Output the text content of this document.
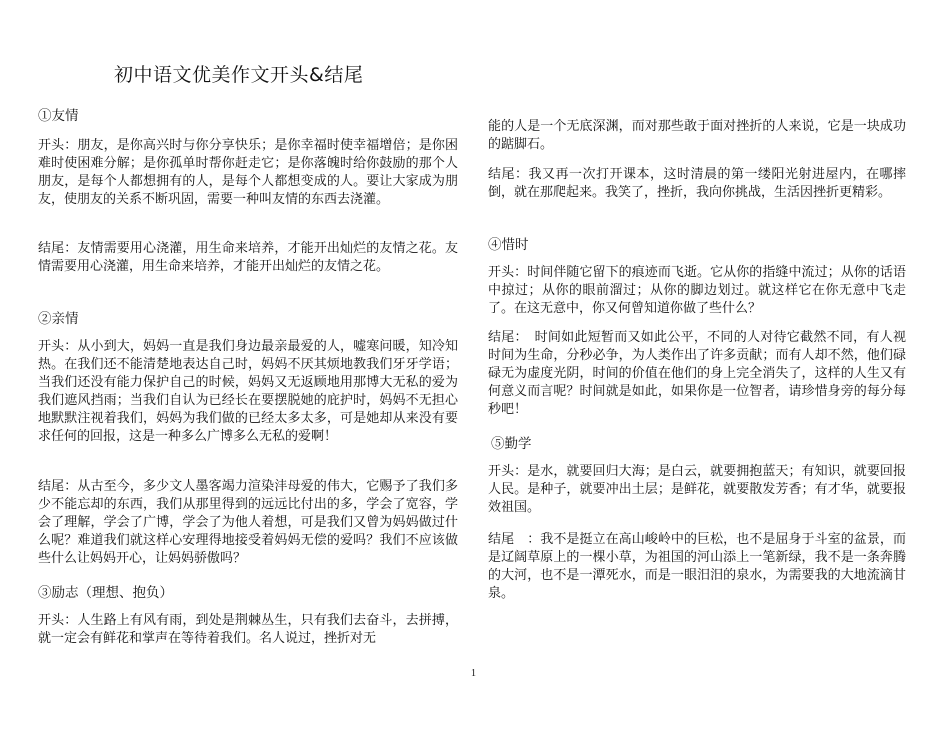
初中语文优美作文开头&结尾
①友情
开头：朋友，是你高兴时与你分享快乐；是你幸福时使幸福增倍；是你困难时使困难分解；是你孤单时帮你赶走它；是你落魄时给你鼓励的那个人　朋友，是每个人都想拥有的人，是每个人都想变成的人。要让大家成为朋友，使朋友的关系不断巩固，需要一种叫友情的东西去浇灌。
结尾：友情需要用心浇灌，用生命来培养，才能开出灿烂的友情之花。友情需要用心浇灌，用生命来培养，才能开出灿烂的友情之花。
②亲情
开头：从小到大，妈妈一直是我们身边最亲最爱的人，嘘寒问暖，知冷知热。在我们还不能清楚地表达自己时，妈妈不厌其烦地教我们牙牙学语；当我们还没有能力保护自己的时候，妈妈又无返顾地用那博大无私的爱为我们遮风挡雨；当我们自认为已经长在要摆脱她的庇护时，妈妈不无担心地默默注视着我们，妈妈为我们做的已经太多太多，可是她却从来没有要求任何的回报，这是一种多么广博多么无私的爱啊！
结尾：从古至今，多少文人墨客竭力渲染沣母爱的伟大，它赐予了我们多少不能忘却的东西，我们从那里得到的远远比付出的多，学会了宽容，学会了理解，学会了广博，学会了为他人着想，可是我们又曾为妈妈做过什么呢？难道我们就这样心安理得地接受着妈妈无偿的爱吗？我们不应该做些什么让妈妈开心，让妈妈骄傲吗？
③励志（理想、抱负）
开头：人生路上有风有雨，到处是荆棘丛生，只有我们去奋斗，去拼搏，就一定会有鲜花和掌声在等待着我们。名人说过，挫折对无
能的人是一个无底深渊，而对那些敢于面对挫折的人来说，它是一块成功的踮脚石。
结尾：我又再一次打开课本，这时清晨的第一缕阳光射进屋内，在哪摔倒，就在那爬起来。我笑了，挫折，我向你挑战，生活因挫折更精彩。
④惜时
开头：时间伴随它留下的痕迹而飞逝。它从你的指缝中流过；从你的话语中掠过；从你的眼前溜过；从你的脚边划过。就这样它在你无意中飞走了。在这无意中，你又何曾知道你做了些什么？
结尾：　时间如此短暂而又如此公平，不同的人对待它截然不同，有人视时间为生命，分秒必争，为人类作出了许多贡献；而有人却不然，他们碌碌无为虚度光阴，时间的价值在他们的身上完全消失了，这样的人生又有何意义而言呢？时间就是如此，如果你是一位智者，请珍惜身旁的每分每秒吧！
⑤勤学
开头：是水，就要回归大海；是白云，就要拥抱蓝天；有知识，就要回报人民。是种子，就要冲出土层；是鲜花，就要散发芳香；有才华，就要报效祖国。
结尾　：我不是挺立在高山峻岭中的巨松，也不是屈身于斗室的盆景，而是辽阔草原上的一棵小草，为祖国的河山添上一笔新绿，我不是一条奔腾的大河，也不是一潭死水，而是一眼汨汨的泉水，为需要我的大地流滴甘泉。
1
